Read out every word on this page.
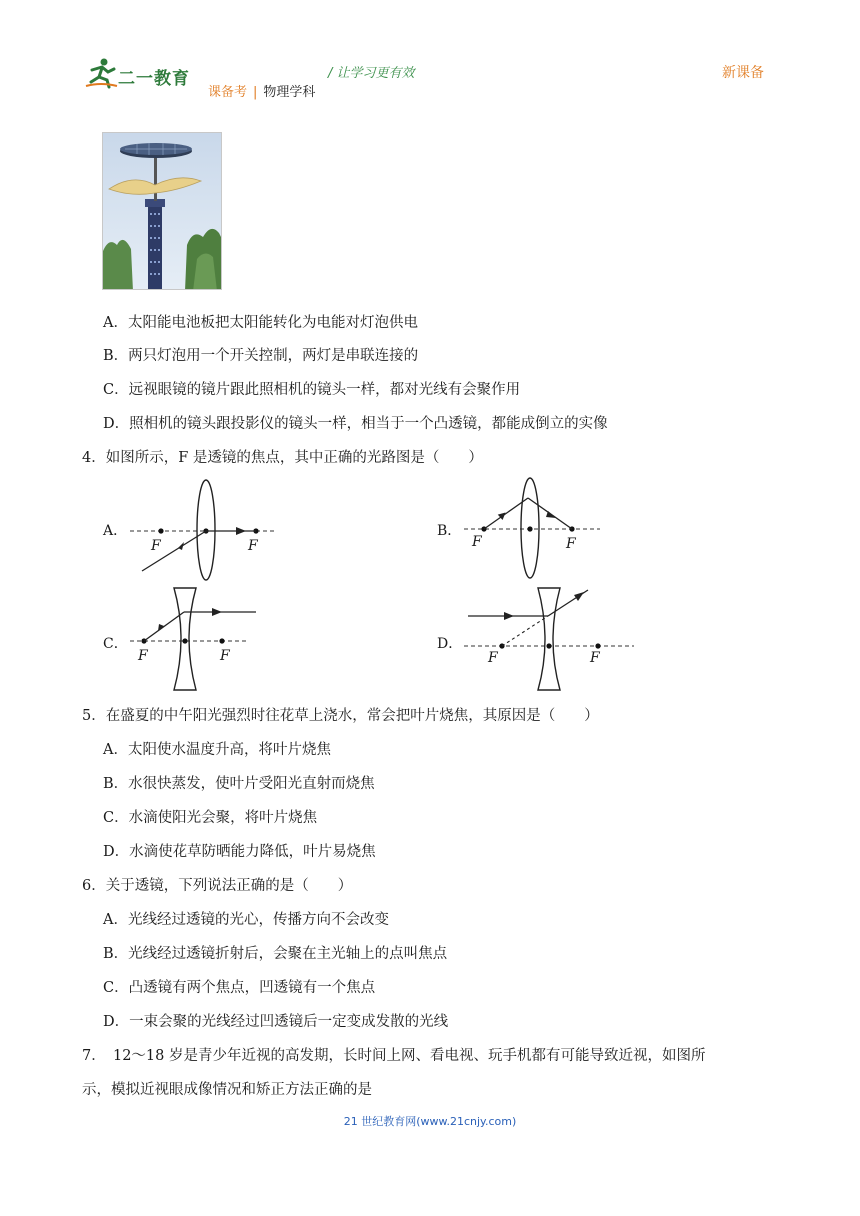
二一教育	/ 让学习更有效
课备考 | 物理学科
新课备
A．太阳能电池板把太阳能转化为电能对灯泡供电
B．两只灯泡用一个开关控制，两灯是串联连接的
C．远视眼镜的镜片跟此照相机的镜头一样，都对光线有会聚作用
D．照相机的镜头跟投影仪的镜头一样，相当于一个凸透镜，都能成倒立的实像
4．如图所示，F 是透镜的焦点，其中正确的光路图是（　　）
A．
F	F
B．
F	F
C．
F	F
D．
F	F
5．在盛夏的中午阳光强烈时往花草上浇水，常会把叶片烧焦，其原因是（　　）
A．太阳使水温度升高，将叶片烧焦
B．水很快蒸发，使叶片受阳光直射而烧焦
C．水滴使阳光会聚，将叶片烧焦
D．水滴使花草防晒能力降低，叶片易烧焦
6．关于透镜，下列说法正确的是（　　）
A．光线经过透镜的光心，传播方向不会改变
B．光线经过透镜折射后，会聚在主光轴上的点叫焦点
C．凸透镜有两个焦点，凹透镜有一个焦点
D．一束会聚的光线经过凹透镜后一定变成发散的光线
7．　12～18 岁是青少年近视的高发期，长时间上网、看电视、玩手机都有可能导致近视，如图所
示，模拟近视眼成像情况和矫正方法正确的是
21 世纪教育网(www.21cnjy.com)
